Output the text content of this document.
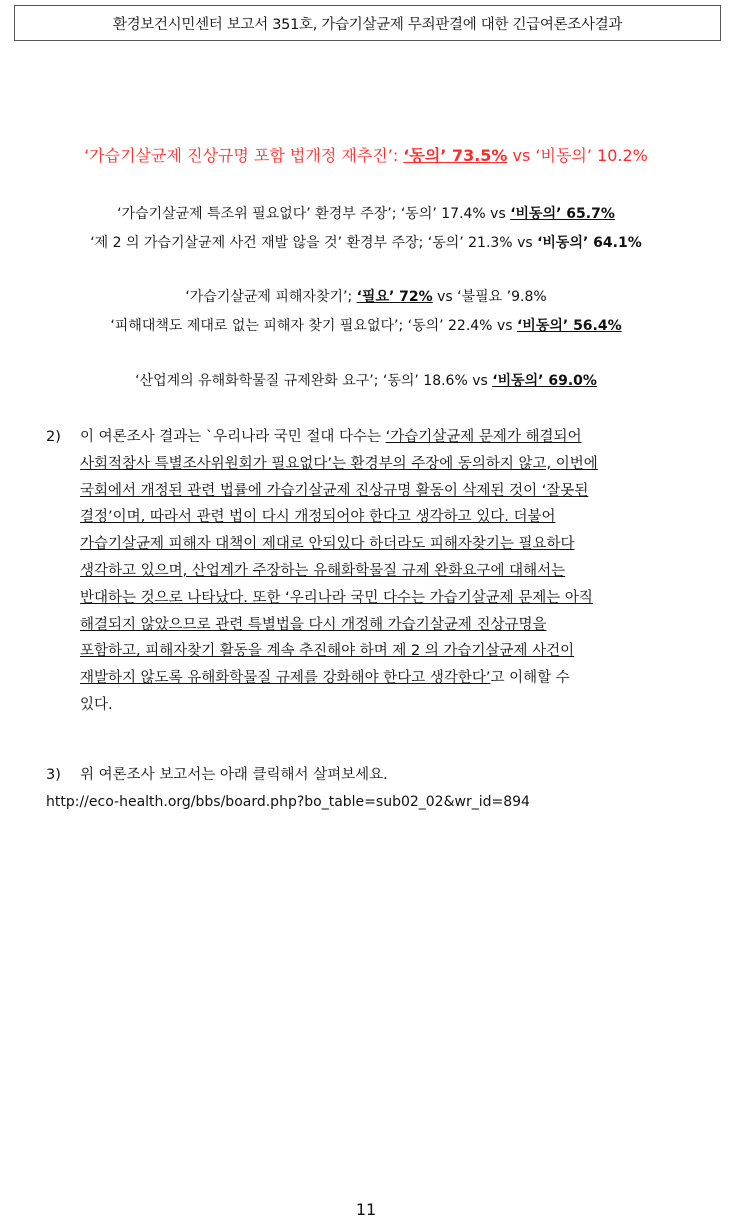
환경보건시민센터 보고서 351호, 가습기살균제 무죄판결에 대한 긴급여론조사결과
‘가습기살균제 진상규명 포함 법개정 재추진’: ‘동의’ 73.5% vs ‘비동의’ 10.2%
‘가습기살균제 특조위 필요없다’ 환경부 주장’; ‘동의’ 17.4% vs ‘비동의’ 65.7%
‘제 2 의 가습기살균제 사건 재발 않을 것’ 환경부 주장; ‘동의’ 21.3% vs ‘비동의’ 64.1%
‘가습기살균제 피해자찾기’; ‘필요’ 72% vs ‘불필요 ’9.8%
‘피해대책도 제대로 없는 피해자 찾기 필요없다’; ‘동의’ 22.4% vs ‘비동의’ 56.4%
‘산업계의 유해화학물질 규제완화 요구’; ‘동의’ 18.6% vs ‘비동의’ 69.0%
2) 이 여론조사 결과는 `우리나라 국민 절대 다수는 ‘가습기살균제 문제가 해결되어
사회적참사 특별조사위원회가 필요없다’는 환경부의 주장에 동의하지 않고, 이번에
국회에서 개정된 관련 법률에 가습기살균제 진상규명 활동이 삭제된 것이 ‘잘못된
결정’이며, 따라서 관련 법이 다시 개정되어야 한다고 생각하고 있다. 더불어
가습기살균제 피해자 대책이 제대로 안되있다 하더라도 피해자찾기는 필요하다
생각하고 있으며, 산업계가 주장하는 유해화학물질 규제 완화요구에 대해서는
반대하는 것으로 나타났다. 또한 ‘우리나라 국민 다수는 가습기살균제 문제는 아직
해결되지 않았으므로 관련 특별법을 다시 개정해 가습기살균제 진상규명을
포함하고, 피해자찾기 활동을 계속 추진해야 하며 제 2 의 가습기살균제 사건이
재발하지 않도록 유해화학물질 규제를 강화해야 한다고 생각한다’고 이해할 수
있다.
3) 위 여론조사 보고서는 아래 클릭해서 살펴보세요.
http://eco-health.org/bbs/board.php?bo_table=sub02_02&wr_id=894
11
